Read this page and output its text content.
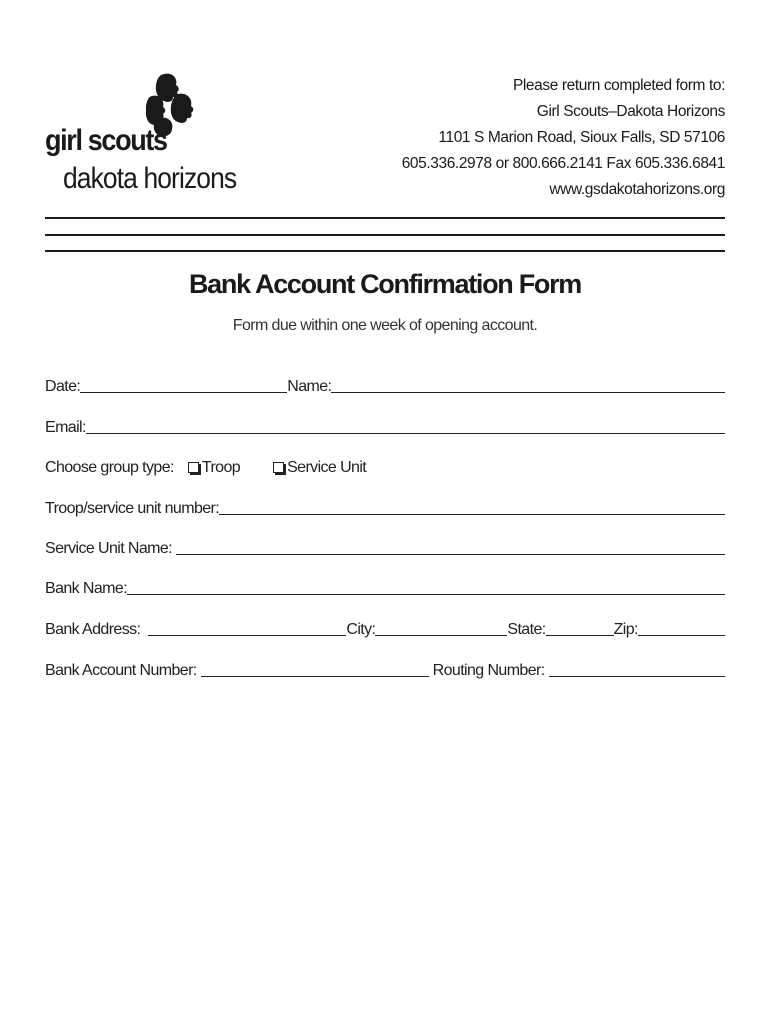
girl scouts
dakota horizons
Please return completed form to:
Girl Scouts–Dakota Horizons
1101 S Marion Road, Sioux Falls, SD 57106
605.336.2978 or 800.666.2141 Fax 605.336.6841
www.gsdakotahorizons.org
Bank Account Confirmation Form
Form due within one week of opening account.
Date:	Name:
Email:
Choose group type: Troop	Service Unit
Troop/service unit number:
Service Unit Name:
Bank Name:
Bank Address:	City:	State:	Zip:
Bank Account Number:	Routing Number:
